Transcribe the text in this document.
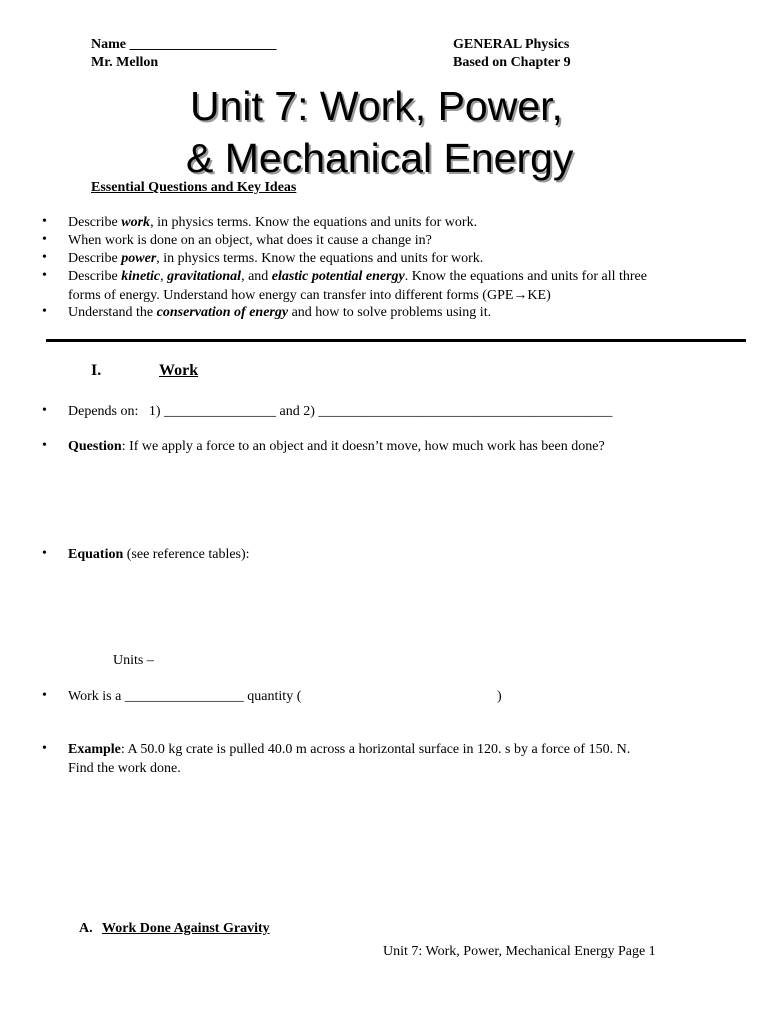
Name _____________________
Mr. Mellon
GENERAL Physics
Based on Chapter 9
Unit 7: Work, Power,
& Mechanical Energy
Essential Questions and Key Ideas
• Describe work, in physics terms. Know the equations and units for work.
• When work is done on an object, what does it cause a change in?
• Describe power, in physics terms. Know the equations and units for work.
• Describe kinetic, gravitational, and elastic potential energy. Know the equations and units for all three
forms of energy. Understand how energy can transfer into different forms (GPE→KE)
• Understand the conservation of energy and how to solve problems using it.
I.	Work
• Depends on:   1) ________________ and 2) __________________________________________
• Question: If we apply a force to an object and it doesn’t move, how much work has been done?
• Equation (see reference tables):
Units –
• Work is a _________________ quantity (	)
• Example: A 50.0 kg crate is pulled 40.0 m across a horizontal surface in 120. s by a force of 150. N.
Find the work done.
A. Work Done Against Gravity
Unit 7: Work, Power, Mechanical Energy Page 1
